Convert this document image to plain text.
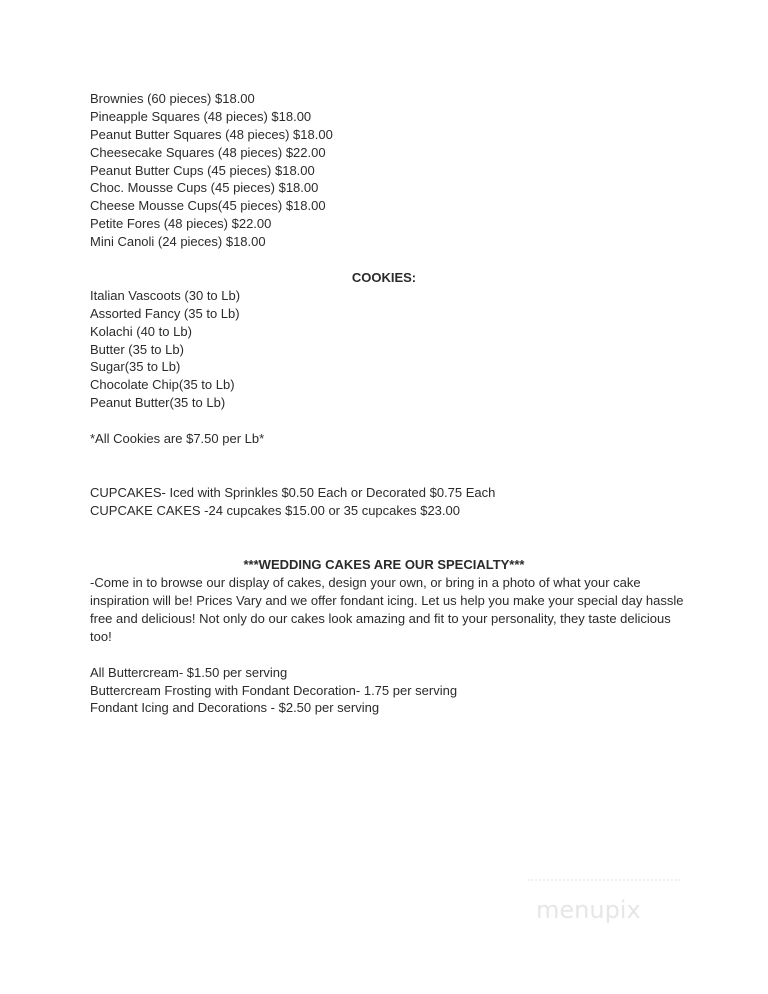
Brownies (60 pieces) $18.00
Pineapple Squares (48 pieces) $18.00
Peanut Butter Squares (48 pieces) $18.00
Cheesecake Squares (48 pieces) $22.00
Peanut Butter Cups (45 pieces) $18.00
Choc. Mousse Cups (45 pieces) $18.00
Cheese Mousse Cups(45 pieces) $18.00
Petite Fores (48 pieces) $22.00
Mini Canoli (24 pieces) $18.00
COOKIES:
Italian Vascoots (30 to Lb)
Assorted Fancy (35 to Lb)
Kolachi (40 to Lb)
Butter (35 to Lb)
Sugar(35 to Lb)
Chocolate Chip(35 to Lb)
Peanut Butter(35 to Lb)
*All Cookies are $7.50 per Lb*
CUPCAKES- Iced with Sprinkles $0.50 Each or Decorated $0.75 Each
CUPCAKE CAKES -24 cupcakes $15.00 or 35 cupcakes $23.00
***WEDDING CAKES ARE OUR SPECIALTY***
-Come in to browse our display of cakes, design your own, or bring in a photo of what your cake inspiration will be! Prices Vary and we offer fondant icing. Let us help you make your special day hassle free and delicious! Not only do our cakes look amazing and fit to your personality, they taste delicious too!
All Buttercream- $1.50 per serving
Buttercream Frosting with Fondant Decoration- 1.75 per serving
Fondant Icing and Decorations - $2.50 per serving
menupix
